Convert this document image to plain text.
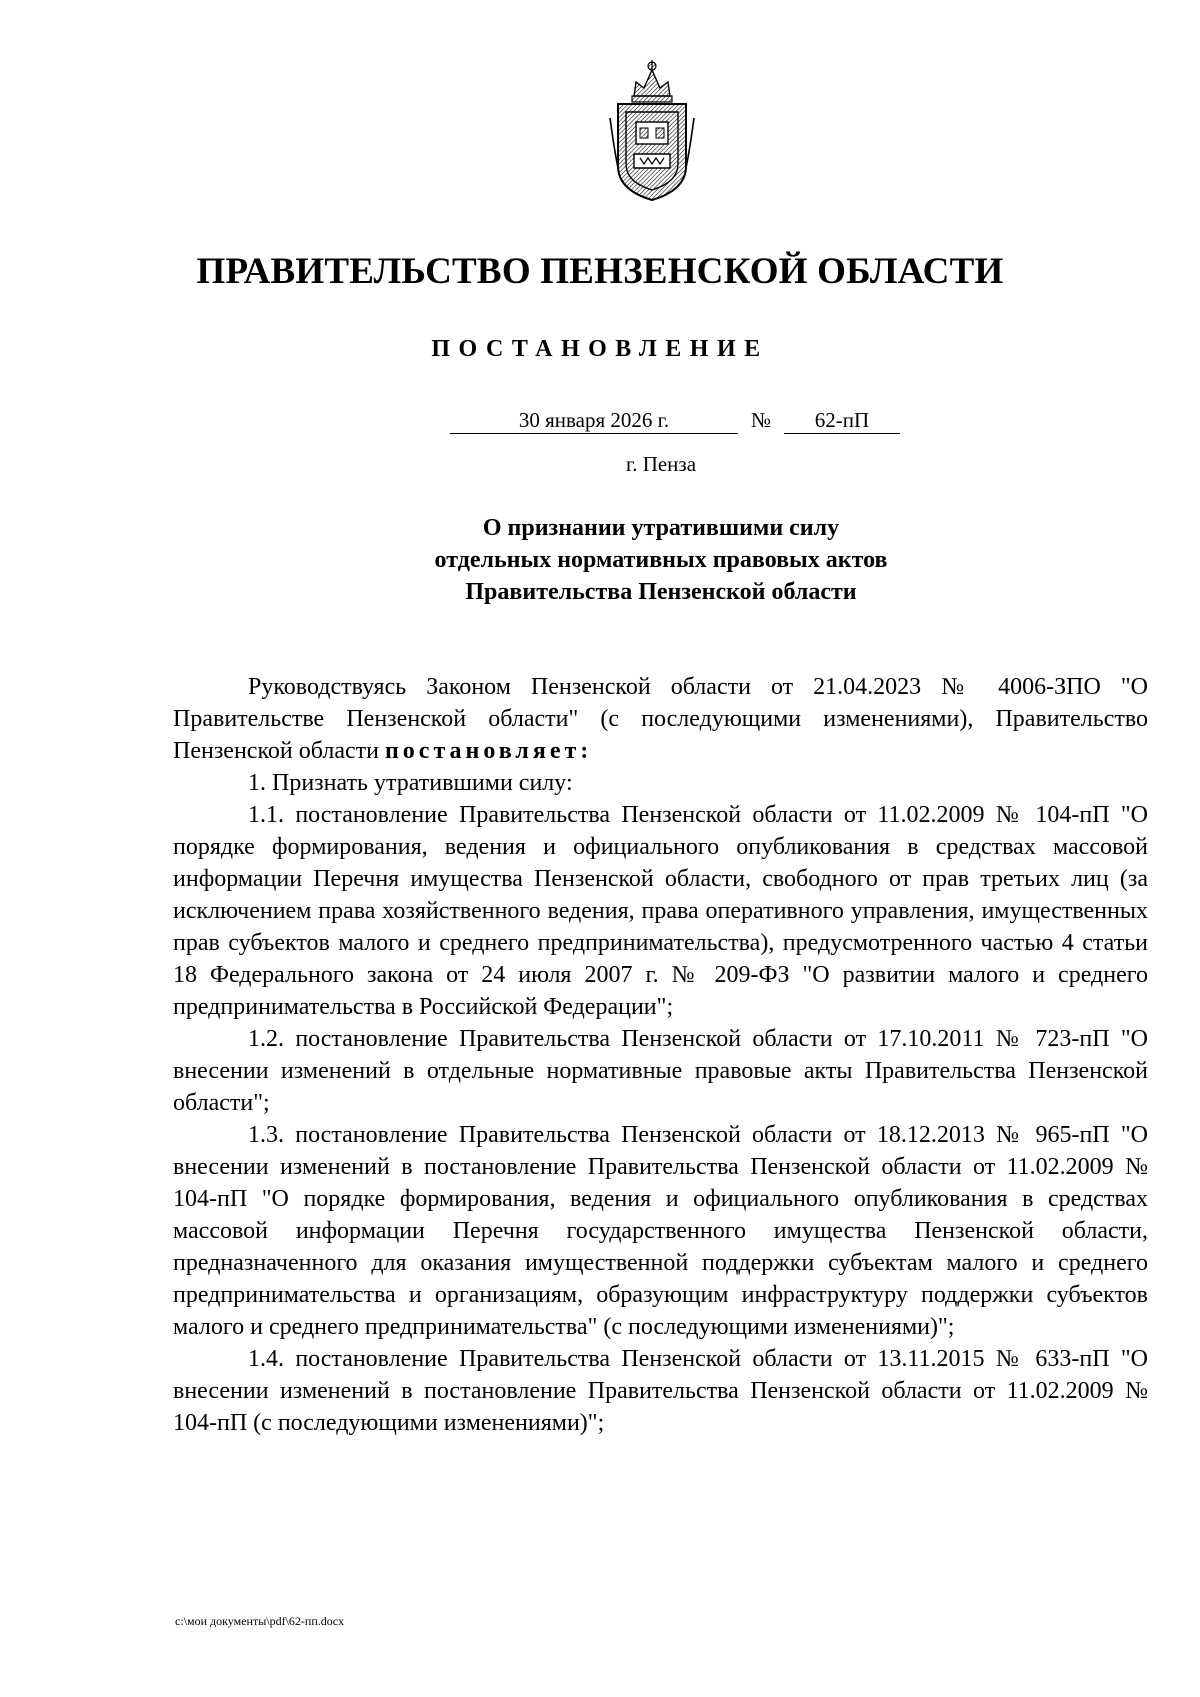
ПРАВИТЕЛЬСТВО ПЕНЗЕНСКОЙ ОБЛАСТИ
ПОСТАНОВЛЕНИЕ
30 января 2026 г.	№ 62-пП
г. Пенза
О признании утратившими силу
отдельных нормативных правовых актов
Правительства Пензенской области

Руководствуясь Законом Пензенской области от 21.04.2023 № 4006-ЗПО "О Правительстве Пензенской области" (с последующими изменениями), Правительство Пензенской области постановляет:

1. Признать утратившими силу:

1.1. постановление Правительства Пензенской области от 11.02.2009 № 104-пП "О порядке формирования, ведения и официального опубликования в средствах массовой информации Перечня имущества Пензенской области, свободного от прав третьих лиц (за исключением права хозяйственного ведения, права оперативного управления, имущественных прав субъектов малого и среднего предпринимательства), предусмотренного частью 4 статьи 18 Федерального закона от 24 июля 2007 г. № 209-ФЗ "О развитии малого и среднего предпринимательства в Российской Федерации";

1.2. постановление Правительства Пензенской области от 17.10.2011 № 723-пП "О внесении изменений в отдельные нормативные правовые акты Правительства Пензенской области";

1.3. постановление Правительства Пензенской области от 18.12.2013 № 965-пП "О внесении изменений в постановление Правительства Пензенской области от 11.02.2009 № 104-пП "О порядке формирования, ведения и официального опубликования в средствах массовой информации Перечня государственного имущества Пензенской области, предназначенного для оказания имущественной поддержки субъектам малого и среднего предпринимательства и организациям, образующим инфраструктуру поддержки субъектов малого и среднего предпринимательства" (с последующими изменениями)";

1.4. постановление Правительства Пензенской области от 13.11.2015 № 633-пП "О внесении изменений в постановление Правительства Пензенской области от 11.02.2009 № 104-пП (с последующими изменениями)";

c:\мои документы\pdf\62-пп.docx
